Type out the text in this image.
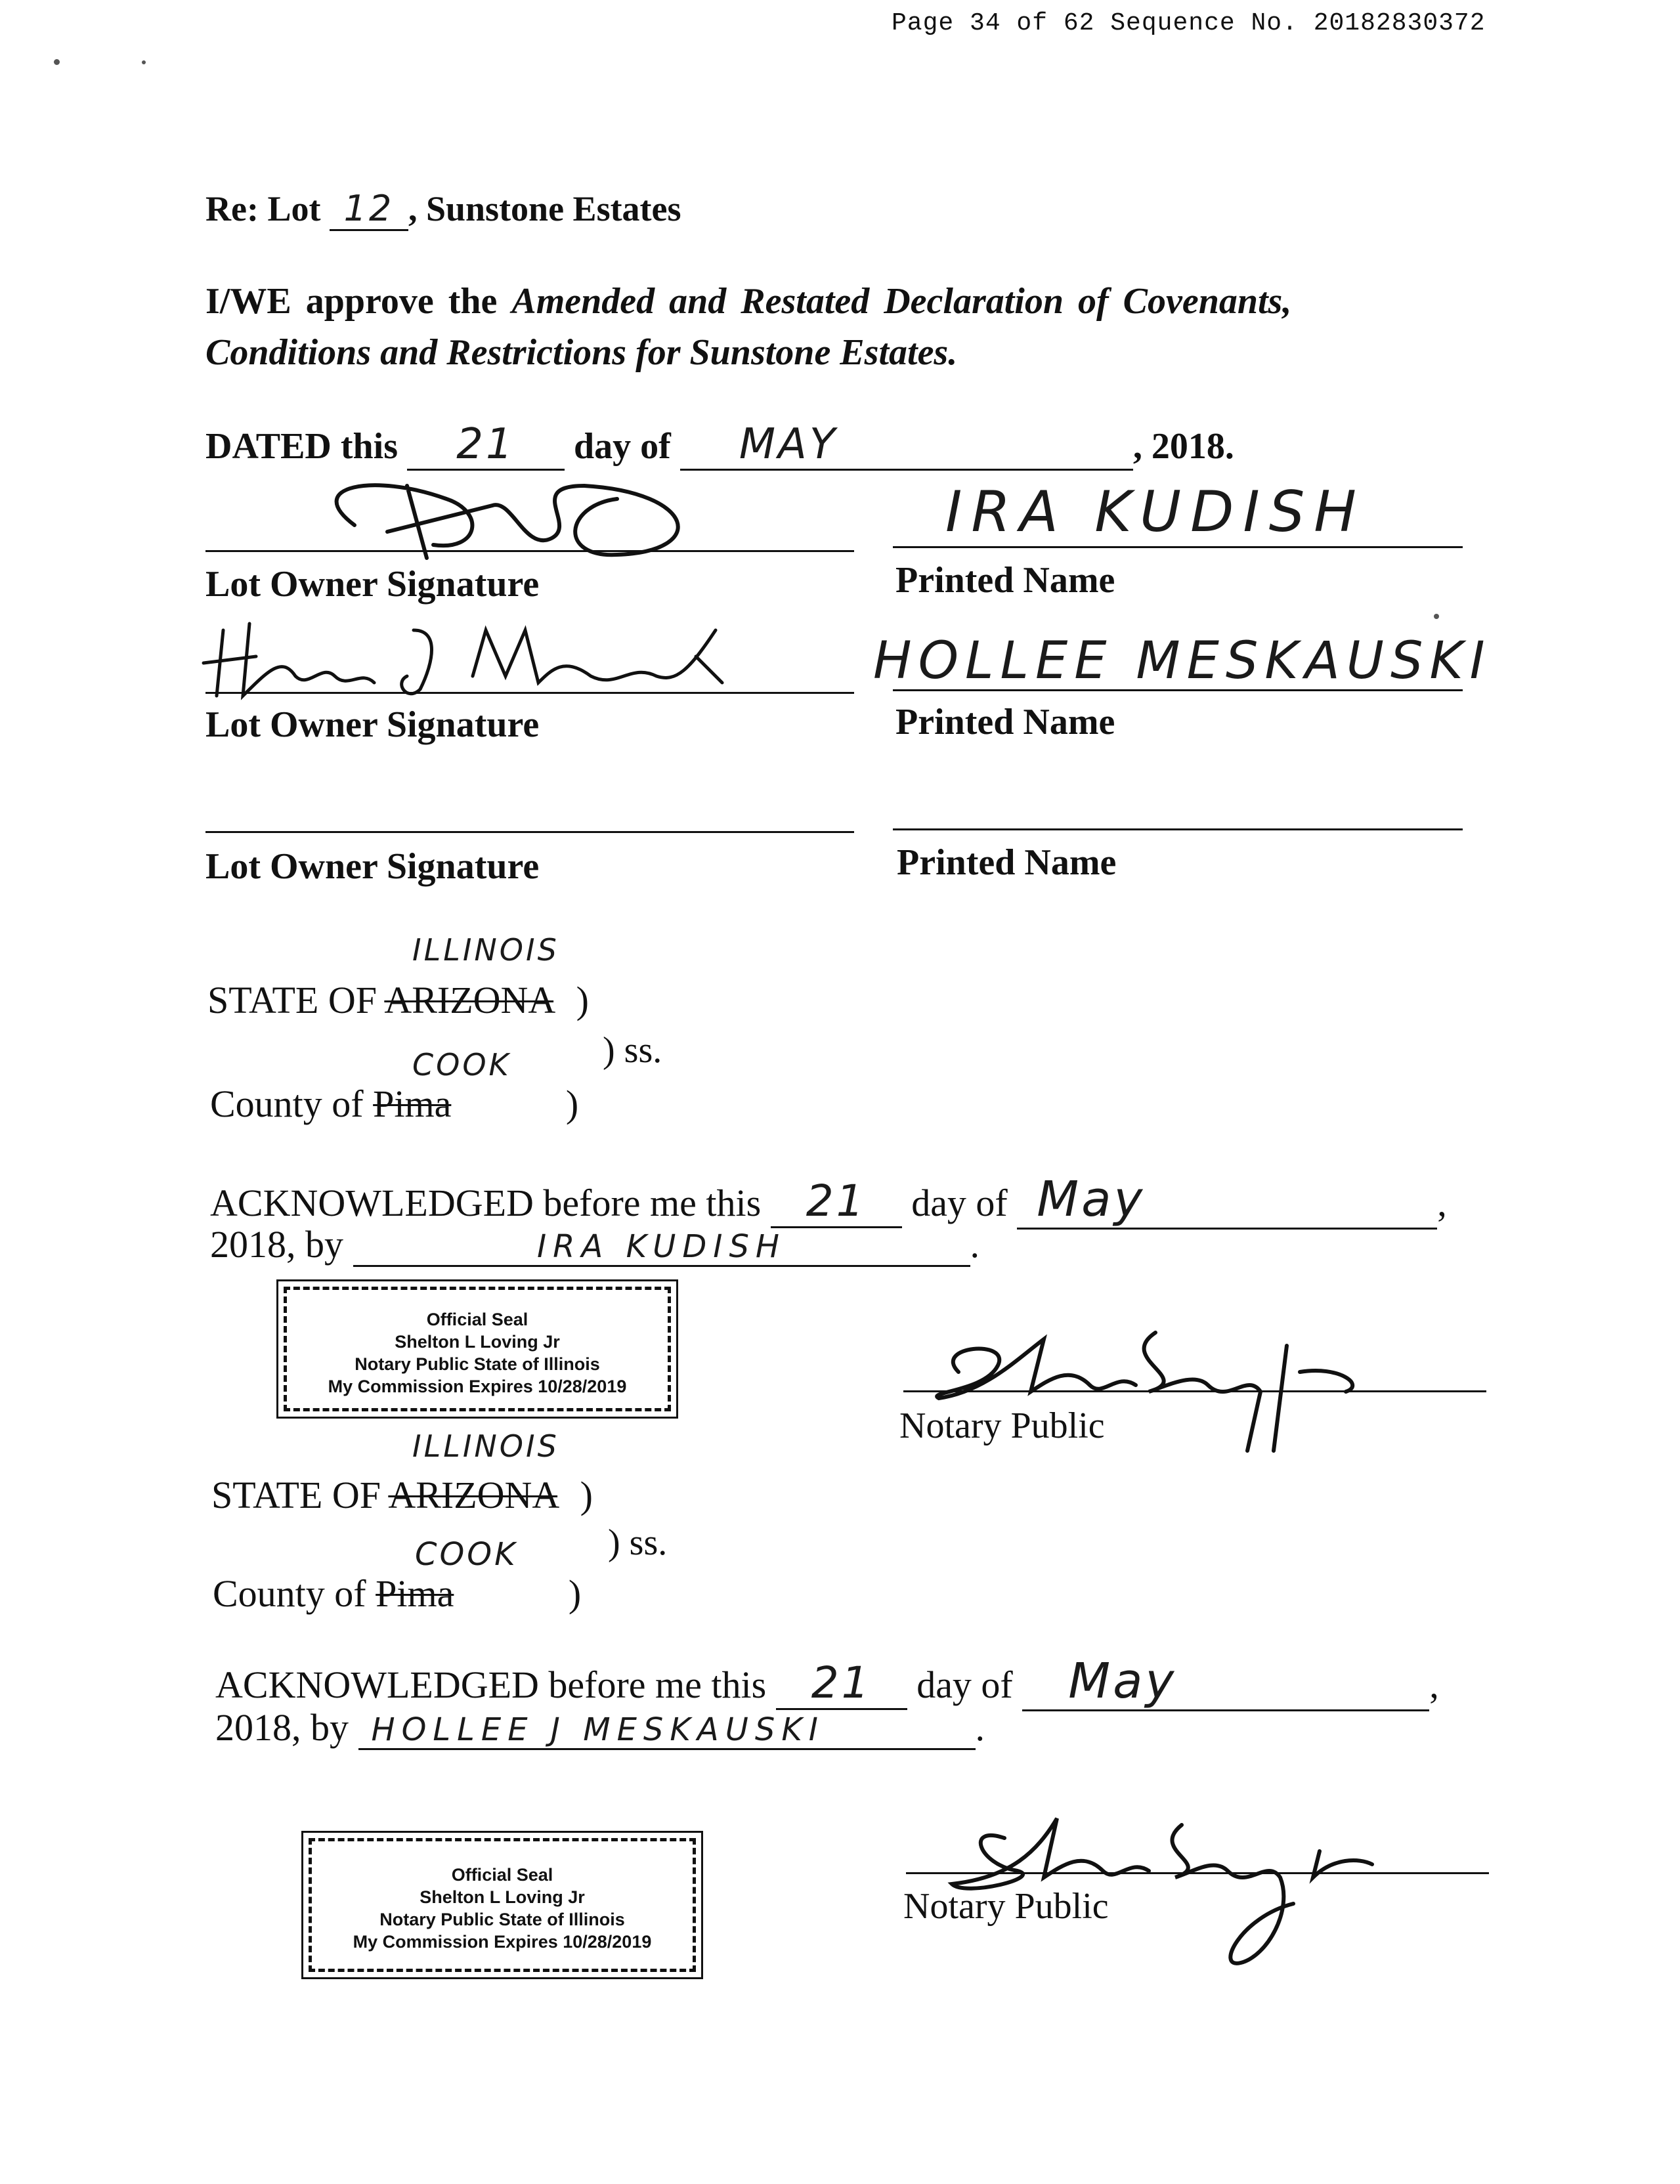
Page 34 of 62 Sequence No. 20182830372
Re: Lot 12 , Sunstone Estates
I/WE approve the Amended and Restated Declaration of Covenants,
Conditions and Restrictions for Sunstone Estates.
DATED this 21 day of MAY	, 2018.
IRA KUDISH
Lot Owner Signature	Printed Name
HOLLEE MESKAUSKI
Lot Owner Signature	Printed Name
Lot Owner Signature	Printed Name
ILLINOIS
STATE OF ARIZONA )
) ss.
COOK
County of Pima	)
ACKNOWLEDGED before me this 21 day of May	,
2018, by	IRA KUDISH	.
Official Seal
Shelton L Loving Jr
Notary Public State of Illinois
My Commission Expires 10/28/2019
Notary Public
ILLINOIS
STATE OF ARIZONA )
) ss.
COOK
County of Pima	)
ACKNOWLEDGED before me this 21 day of May	,
2018, by HOLLEE J MESKAUSKI	.
Official Seal
Shelton L Loving Jr
Notary Public State of Illinois
My Commission Expires 10/28/2019
Notary Public
